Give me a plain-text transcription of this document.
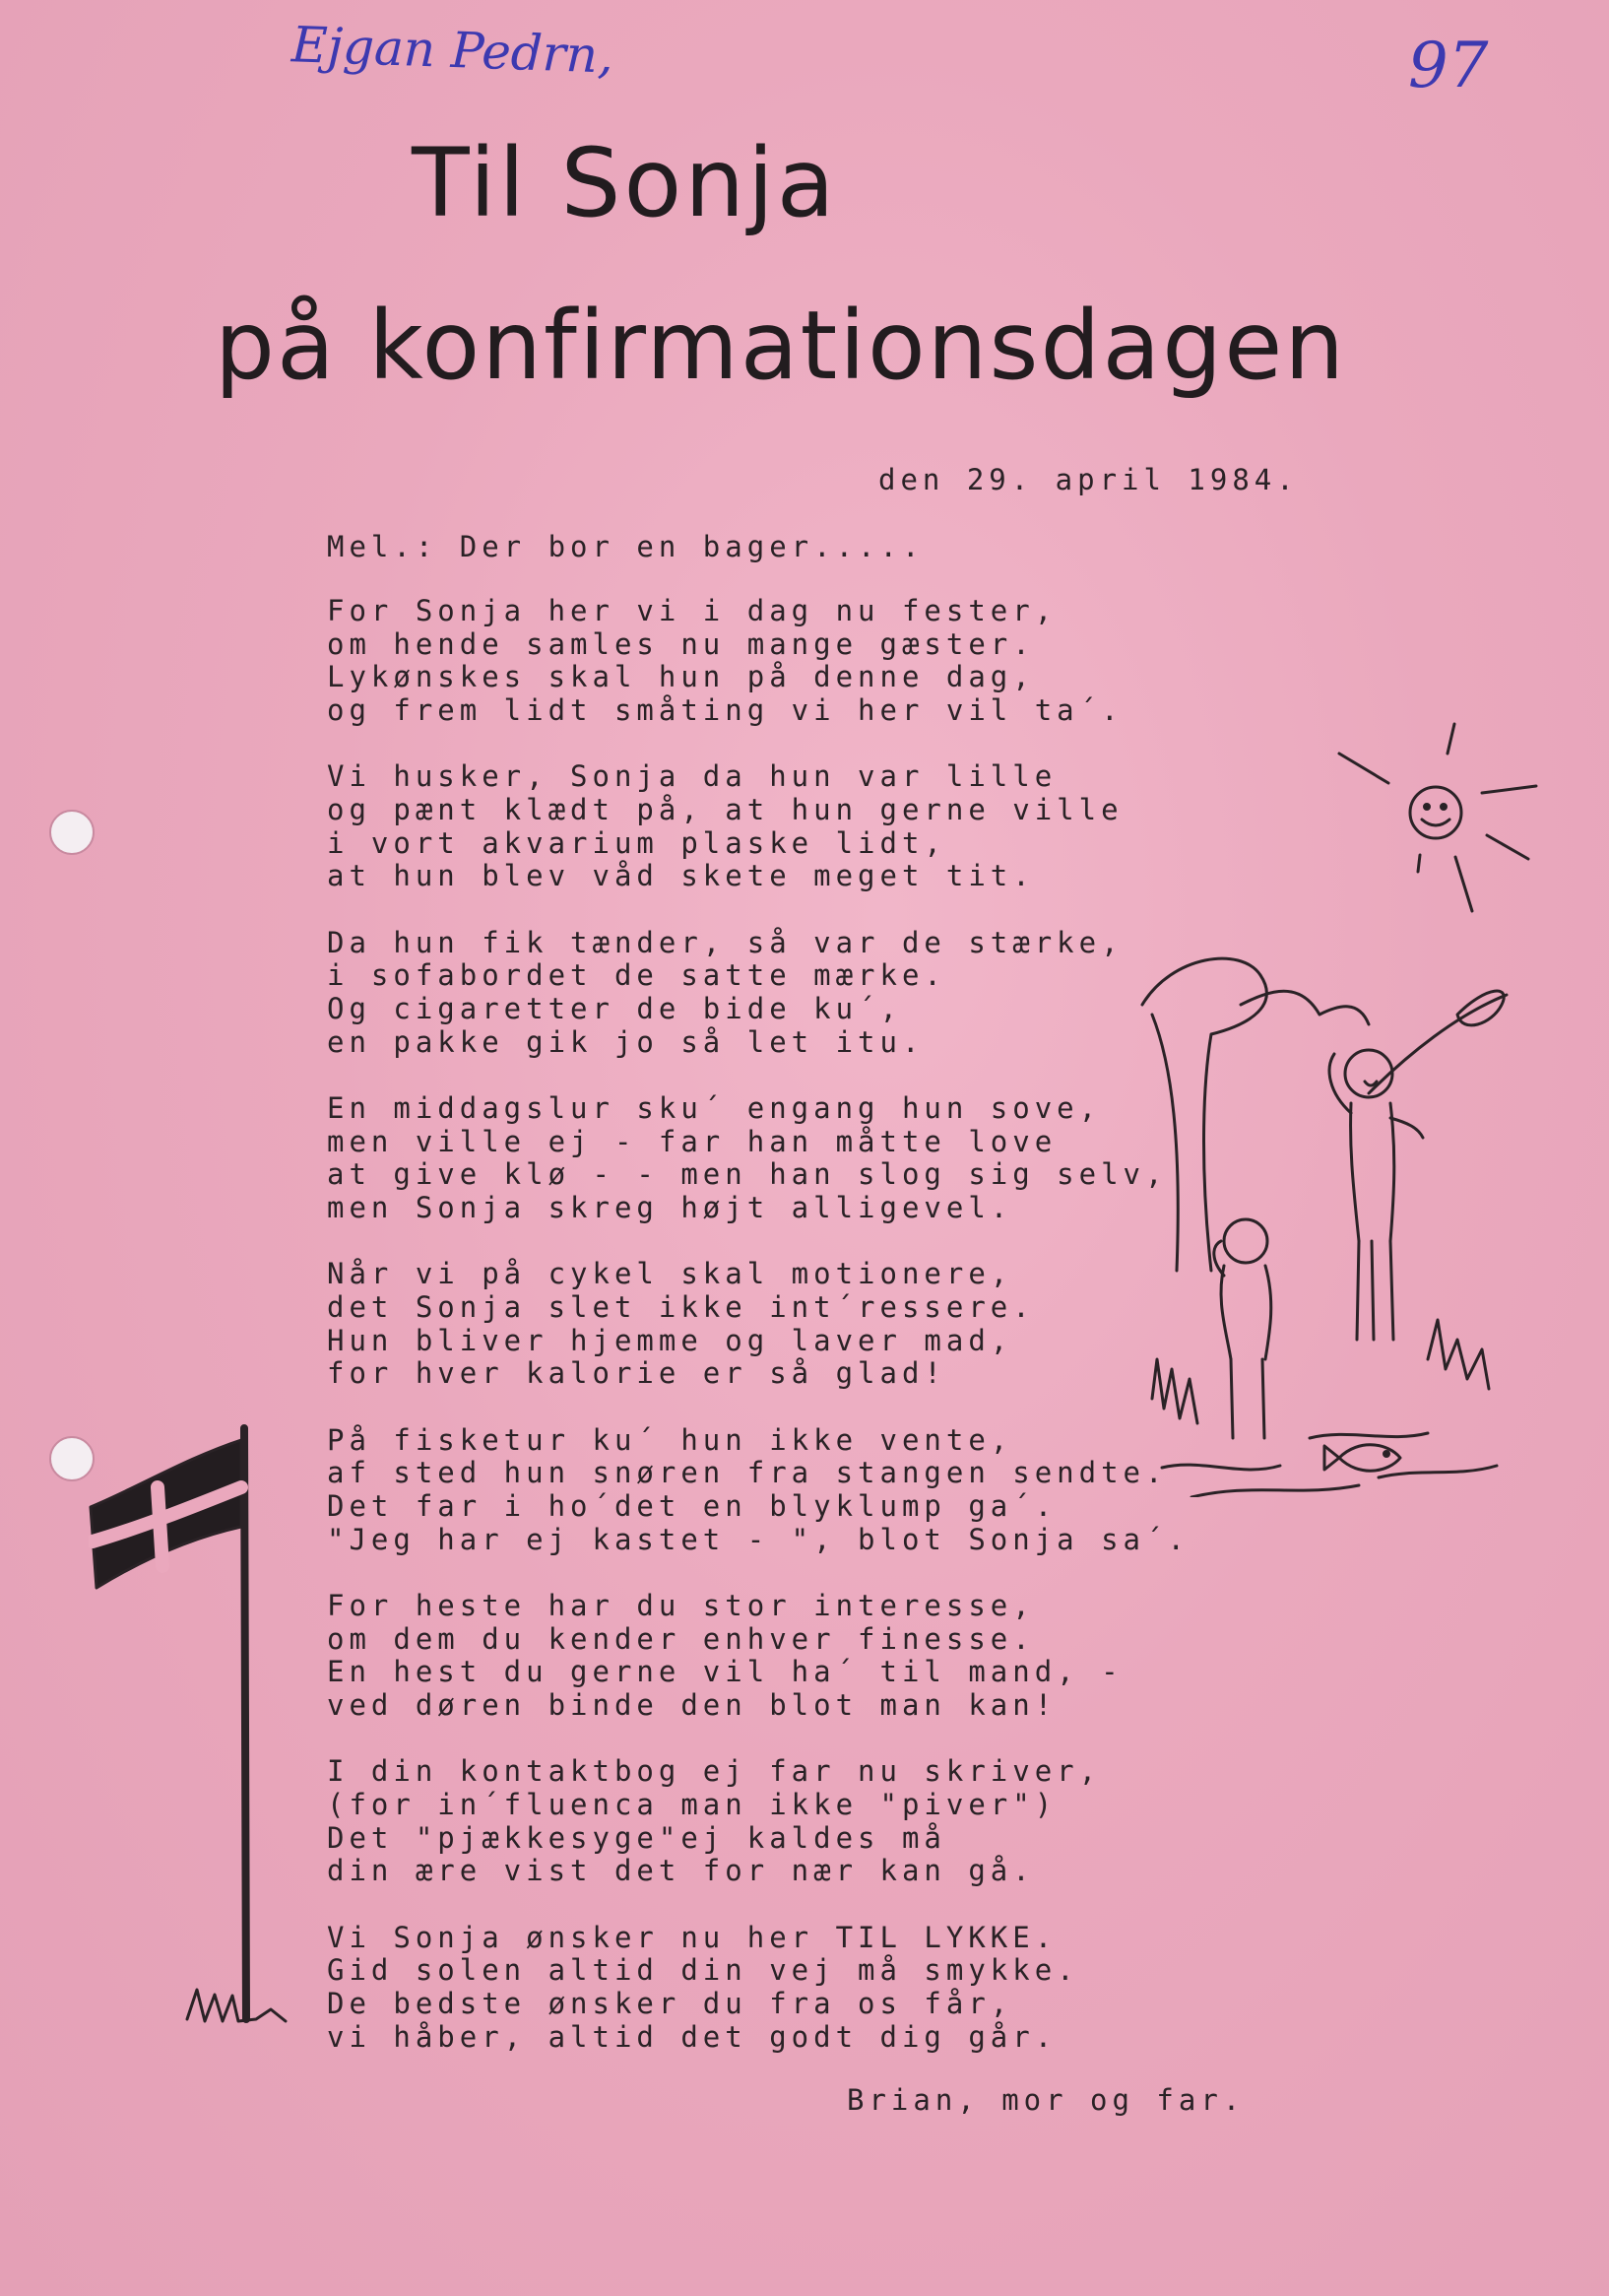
Ejgan Pedrn,	97
Til Sonja
på konfirmationsdagen
den 29. april 1984.
Mel.: Der bor en bager.....
For Sonja her vi i dag nu fester,
om hende samles nu mange gæster.
Lykønskes skal hun på denne dag,
og frem lidt småting vi her vil ta´.
Vi husker, Sonja da hun var lille
og pænt klædt på, at hun gerne ville
i vort akvarium plaske lidt,
at hun blev våd skete meget tit.
Da hun fik tænder, så var de stærke,
i sofabordet de satte mærke.
Og cigaretter de bide ku´,
en pakke gik jo så let itu.
En middagslur sku´ engang hun sove,
men ville ej - far han måtte love
at give klø - - men han slog sig selv,
men Sonja skreg højt alligevel.
Når vi på cykel skal motionere,
det Sonja slet ikke int´ressere.
Hun bliver hjemme og laver mad,
for hver kalorie er så glad!
På fisketur ku´ hun ikke vente,
af sted hun snøren fra stangen sendte.
Det far i ho´det en blyklump ga´.
"Jeg har ej kastet - ", blot Sonja sa´.
For heste har du stor interesse,
om dem du kender enhver finesse.
En hest du gerne vil ha´ til mand, -
ved døren binde den blot man kan!
I din kontaktbog ej far nu skriver,
(for in´fluenca man ikke "piver")
Det "pjækkesyge"ej kaldes må
din ære vist det for nær kan gå.
Vi Sonja ønsker nu her TIL LYKKE.
Gid solen altid din vej må smykke.
De bedste ønsker du fra os får,
vi håber, altid det godt dig går.
Brian, mor og far.
